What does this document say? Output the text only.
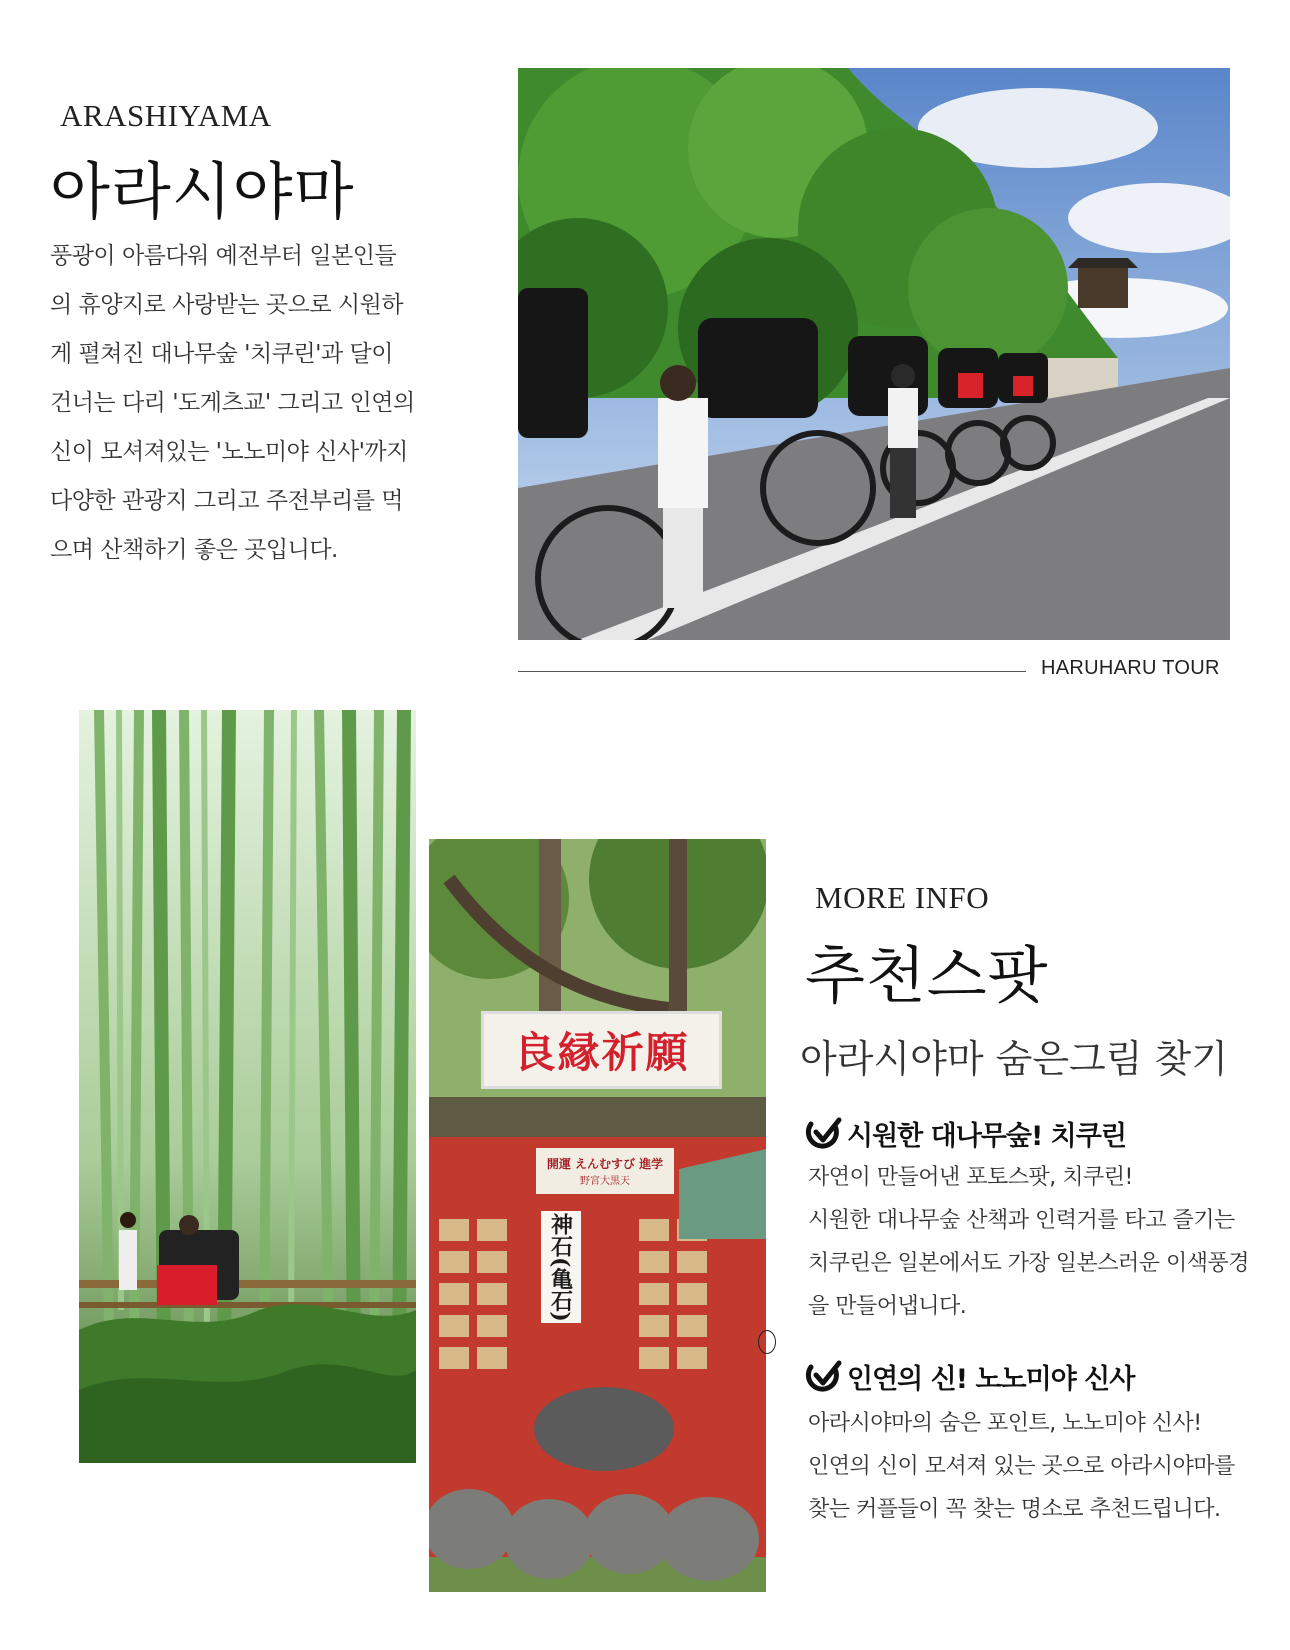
ARASHIYAMA
아라시야마
풍광이 아름다워 예전부터 일본인들
의 휴양지로 사랑받는 곳으로 시원하
게 펼쳐진 대나무숲 '치쿠린'과 달이
건너는 다리 '도게츠교' 그리고 인연의
신이 모셔져있는 '노노미야 신사'까지
다양한 관광지 그리고 주전부리를 먹
으며 산책하기 좋은 곳입니다.
HARUHARU TOUR
良縁祈願
開運 えんむすび 進学
野宮大黒天
神石(亀石)
MORE INFO
추천스팟
아라시야마 숨은그림 찾기
시원한 대나무숲! 치쿠린
자연이 만들어낸 포토스팟, 치쿠린!
시원한 대나무숲 산책과 인력거를 타고 즐기는
치쿠린은 일본에서도 가장 일본스러운 이색풍경
을 만들어냅니다.
인연의 신! 노노미야 신사
아라시야마의 숨은 포인트, 노노미야 신사!
인연의 신이 모셔져 있는 곳으로 아라시야마를
찾는 커플들이 꼭 찾는 명소로 추천드립니다.
